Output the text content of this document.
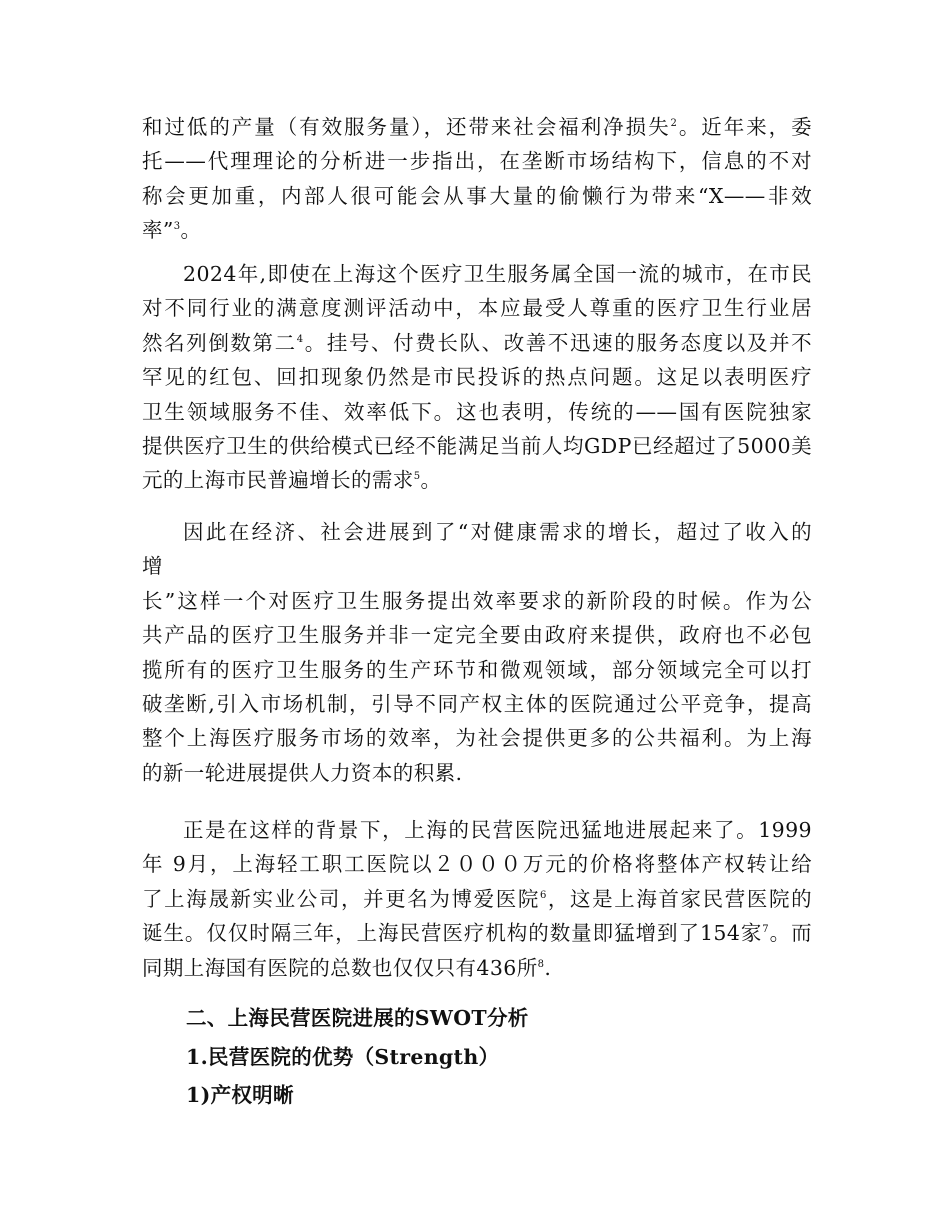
和过低的产量（有效服务量），还带来社会福利净损失$^2$。近年来，委
托——代理理论的分析进一步指出，在垄断市场结构下，信息的不对
称会更加重，内部人很可能会从事大量的偷懒行为带来“X——非效
率”$^3$。
2024年,即使在上海这个医疗卫生服务属全国一流的城市，在市民
对不同行业的满意度测评活动中，本应最受人尊重的医疗卫生行业居
然名列倒数第二$^4$。挂号、付费长队、改善不迅速的服务态度以及并不
罕见的红包、回扣现象仍然是市民投诉的热点问题。这足以表明医疗
卫生领域服务不佳、效率低下。这也表明，传统的——国有医院独家
提供医疗卫生的供给模式已经不能满足当前人均GDP已经超过了5000美
元的上海市民普遍增长的需求$^5$。
因此在经济、社会进展到了“对健康需求的增长，超过了收入的
增
长”这样一个对医疗卫生服务提出效率要求的新阶段的时候。作为公
共产品的医疗卫生服务并非一定完全要由政府来提供，政府也不必包
揽所有的医疗卫生服务的生产环节和微观领域，部分领域完全可以打
破垄断,引入市场机制，引导不同产权主体的医院通过公平竞争，提高
整个上海医疗服务市场的效率，为社会提供更多的公共福利。为上海
的新一轮进展提供人力资本的积累.
正是在这样的背景下，上海的民营医院迅猛地进展起来了。1999
年 9月，上海轻工职工医院以２０００万元的价格将整体产权转让给
了上海晟新实业公司，并更名为博爱医院$^6$，这是上海首家民营医院的
诞生。仅仅时隔三年，上海民营医疗机构的数量即猛增到了154家$^7$。而
同期上海国有医院的总数也仅仅只有436所$^8$.
二、上海民营医院进展的SWOT分析
1.民营医院的优势（Strength）
1)产权明晰
